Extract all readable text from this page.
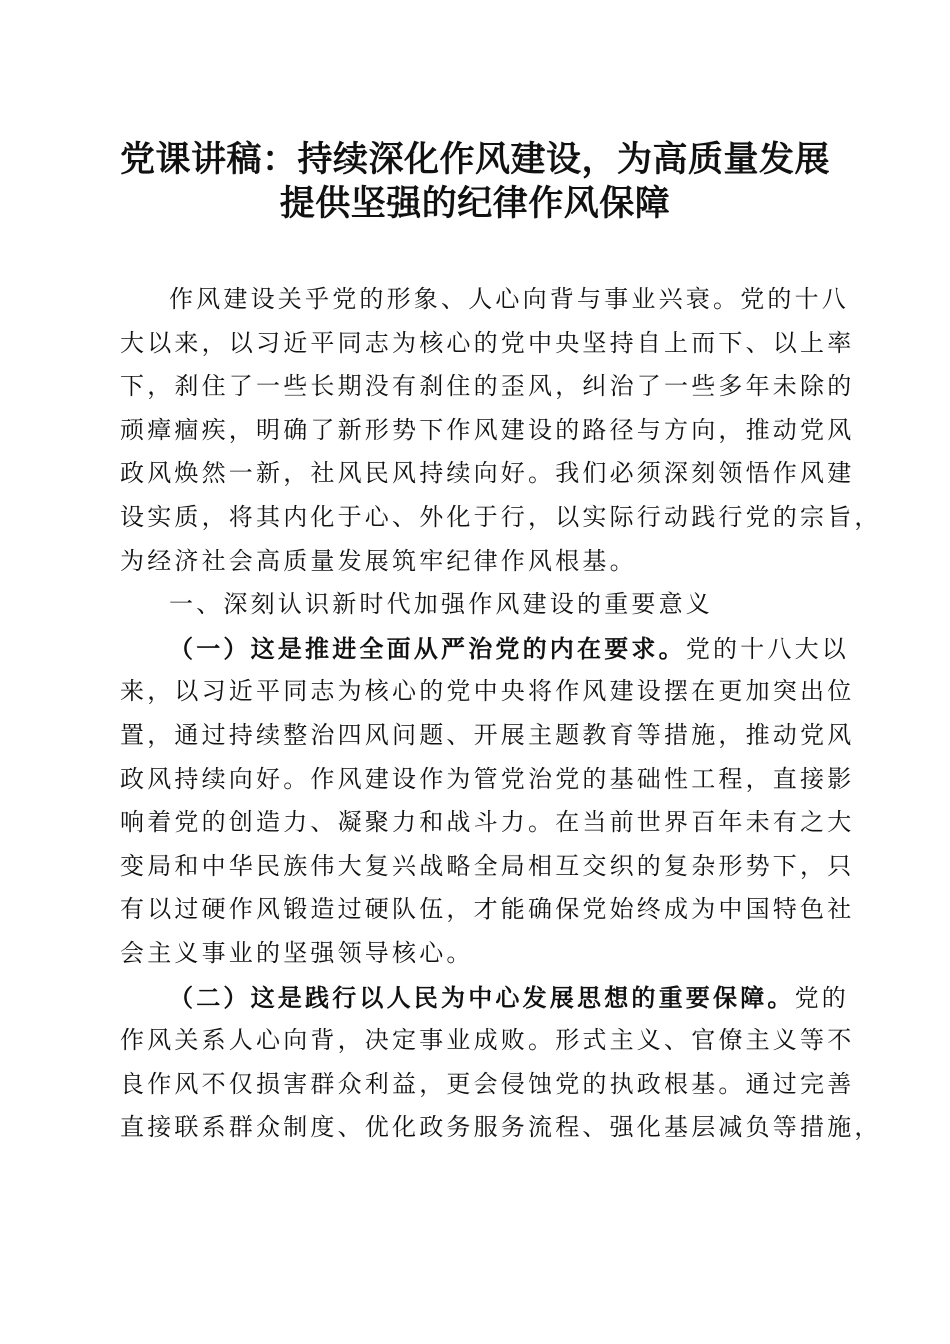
党课讲稿：持续深化作风建设，为高质量发展
提供坚强的纪律作风保障
作风建设关乎党的形象、人心向背与事业兴衰。党的十八
大以来，以习近平同志为核心的党中央坚持自上而下、以上率
下，刹住了一些长期没有刹住的歪风，纠治了一些多年未除的
顽瘴痼疾，明确了新形势下作风建设的路径与方向，推动党风
政风焕然一新，社风民风持续向好。我们必须深刻领悟作风建
设实质，将其内化于心、外化于行，以实际行动践行党的宗旨，
为经济社会高质量发展筑牢纪律作风根基。
一、深刻认识新时代加强作风建设的重要意义
（一）这是推进全面从严治党的内在要求。党的十八大以
来，以习近平同志为核心的党中央将作风建设摆在更加突出位
置，通过持续整治四风问题、开展主题教育等措施，推动党风
政风持续向好。作风建设作为管党治党的基础性工程，直接影
响着党的创造力、凝聚力和战斗力。在当前世界百年未有之大
变局和中华民族伟大复兴战略全局相互交织的复杂形势下，只
有以过硬作风锻造过硬队伍，才能确保党始终成为中国特色社
会主义事业的坚强领导核心。
（二）这是践行以人民为中心发展思想的重要保障。党的
作风关系人心向背，决定事业成败。形式主义、官僚主义等不
良作风不仅损害群众利益，更会侵蚀党的执政根基。通过完善
直接联系群众制度、优化政务服务流程、强化基层减负等措施，
